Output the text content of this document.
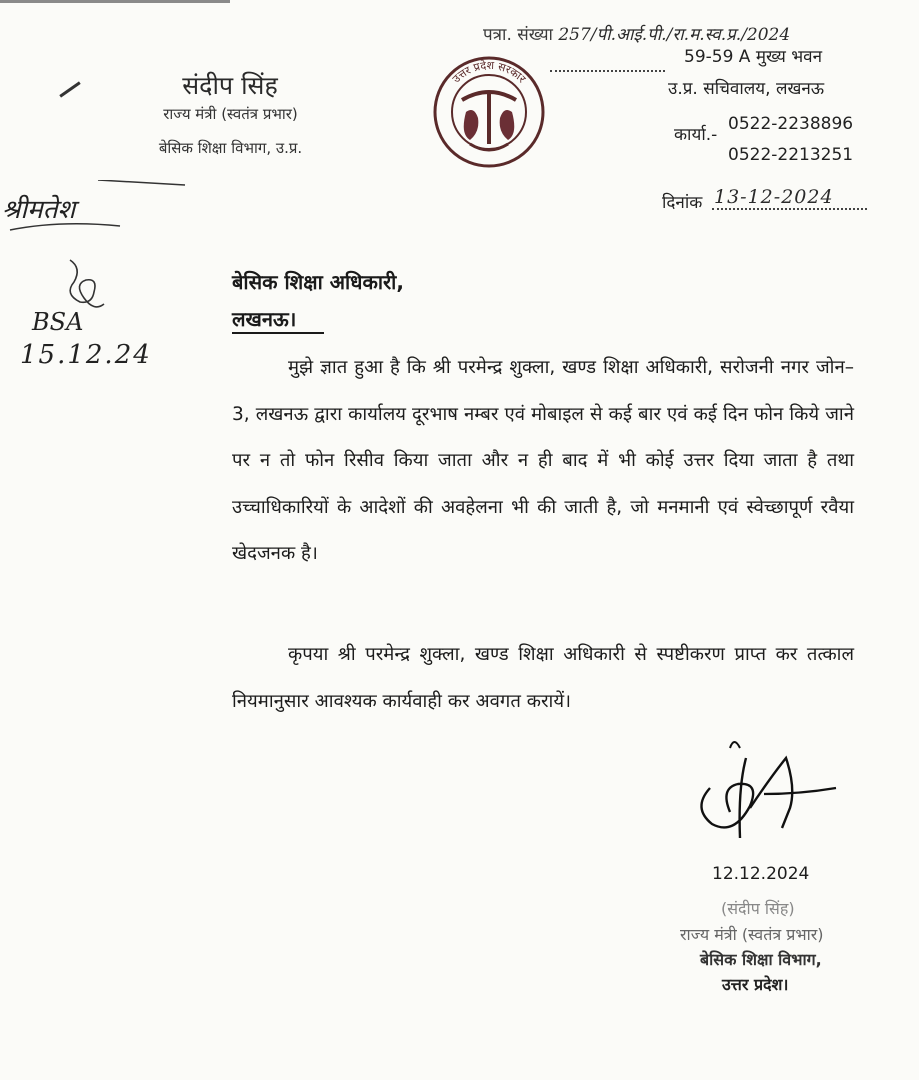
संदीप सिंह
राज्य मंत्री (स्वतंत्र प्रभार)
बेसिक शिक्षा विभाग, उ.प्र.
उत्तर प्रदेश सरकार
पत्रा. संख्या 257/पी.आई.पी./रा.म.स्व.प्र./2024
59-59 A मुख्य भवन
उ.प्र. सचिवालय, लखनऊ
कार्या.-
0522-2238896
0522-2213251
दिनांक 13-12-2024
श्रीमतेश
BSA
15.12.24
बेसिक शिक्षा अधिकारी,
लखनऊ।

मुझे ज्ञात हुआ है कि श्री परमेन्द्र शुक्ला, खण्ड शिक्षा अधिकारी, सरोजनी नगर जोन–3, लखनऊ द्वारा कार्यालय दूरभाष नम्बर एवं मोबाइल से कई बार एवं कई दिन फोन किये जाने पर न तो फोन रिसीव किया जाता और न ही बाद में भी कोई उत्तर दिया जाता है तथा उच्चाधिकारियों के आदेशों की अवहेलना भी की जाती है, जो मनमानी एवं स्वेच्छापूर्ण रवैया खेदजनक है।

कृपया श्री परमेन्द्र शुक्ला, खण्ड शिक्षा अधिकारी से स्पष्टीकरण प्राप्त कर तत्काल नियमानुसार आवश्यक कार्यवाही कर अवगत करायें।

12.12.2024
(संदीप सिंह)
राज्य मंत्री (स्वतंत्र प्रभार)
बेसिक शिक्षा विभाग,
उत्तर प्रदेश।
